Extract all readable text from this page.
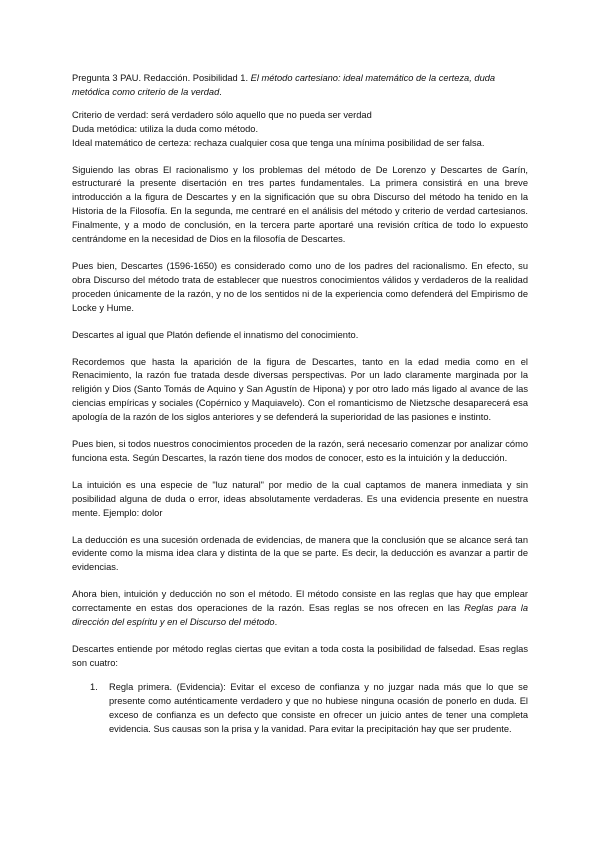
Pregunta 3 PAU. Redacción. Posibilidad 1. El método cartesiano: ideal matemático de la certeza, duda metódica como criterio de la verdad.

Criterio de verdad: será verdadero sólo aquello que no pueda ser verdad

Duda metódica: utiliza la duda como método.

Ideal matemático de certeza: rechaza cualquier cosa que tenga una mínima posibilidad de ser falsa.

Siguiendo las obras El racionalismo y los problemas del método de De Lorenzo y Descartes de Garín, estructuraré la presente disertación en tres partes fundamentales. La primera consistirá en una breve introducción a la figura de Descartes y en la significación que su obra Discurso del método ha tenido en la Historia de la Filosofía. En la segunda, me centraré en el análisis del método y criterio de verdad cartesianos. Finalmente, y a modo de conclusión, en la tercera parte aportaré una revisión crítica de todo lo expuesto centrándome en la necesidad de Dios en la filosofía de Descartes.

Pues bien, Descartes (1596-1650) es considerado como uno de los padres del racionalismo. En efecto, su obra Discurso del método trata de establecer que nuestros conocimientos válidos y verdaderos de la realidad proceden únicamente de la razón, y no de los sentidos ni de la experiencia como defenderá del Empirismo de Locke y Hume.

Descartes al igual que Platón defiende el innatismo del conocimiento.

Recordemos que hasta la aparición de la figura de Descartes, tanto en la edad media como en el Renacimiento, la razón fue tratada desde diversas perspectivas. Por un lado claramente marginada por la religión y Dios (Santo Tomás de Aquino y San Agustín de Hipona) y por otro lado más ligado al avance de las ciencias empíricas y sociales (Copérnico y Maquiavelo). Con el romanticismo de Nietzsche desaparecerá esa apología de la razón de los siglos anteriores y se defenderá la superioridad de las pasiones e instinto.

Pues bien, si todos nuestros conocimientos proceden de la razón, será necesario comenzar por analizar cómo funciona esta. Según Descartes, la razón tiene dos modos de conocer, esto es la intuición y la deducción.

La intuición es una especie de "luz natural" por medio de la cual captamos de manera inmediata y sin posibilidad alguna de duda o error, ideas absolutamente verdaderas. Es una evidencia presente en nuestra mente. Ejemplo: dolor

La deducción es una sucesión ordenada de evidencias, de manera que la conclusión que se alcance será tan evidente como la misma idea clara y distinta de la que se parte. Es decir, la deducción es avanzar a partir de evidencias.

Ahora bien, intuición y deducción no son el método. El método consiste en las reglas que hay que emplear correctamente en estas dos operaciones de la razón. Esas reglas se nos ofrecen en las Reglas para la dirección del espíritu y en el Discurso del método.

Descartes entiende por método reglas ciertas que evitan a toda costa la posibilidad de falsedad. Esas reglas son cuatro:

1. Regla primera. (Evidencia): Evitar el exceso de confianza y no juzgar nada más que lo que se presente como auténticamente verdadero y que no hubiese ninguna ocasión de ponerlo en duda. El exceso de confianza es un defecto que consiste en ofrecer un juicio antes de tener una completa evidencia. Sus causas son la prisa y la vanidad. Para evitar la precipitación hay que ser prudente.
